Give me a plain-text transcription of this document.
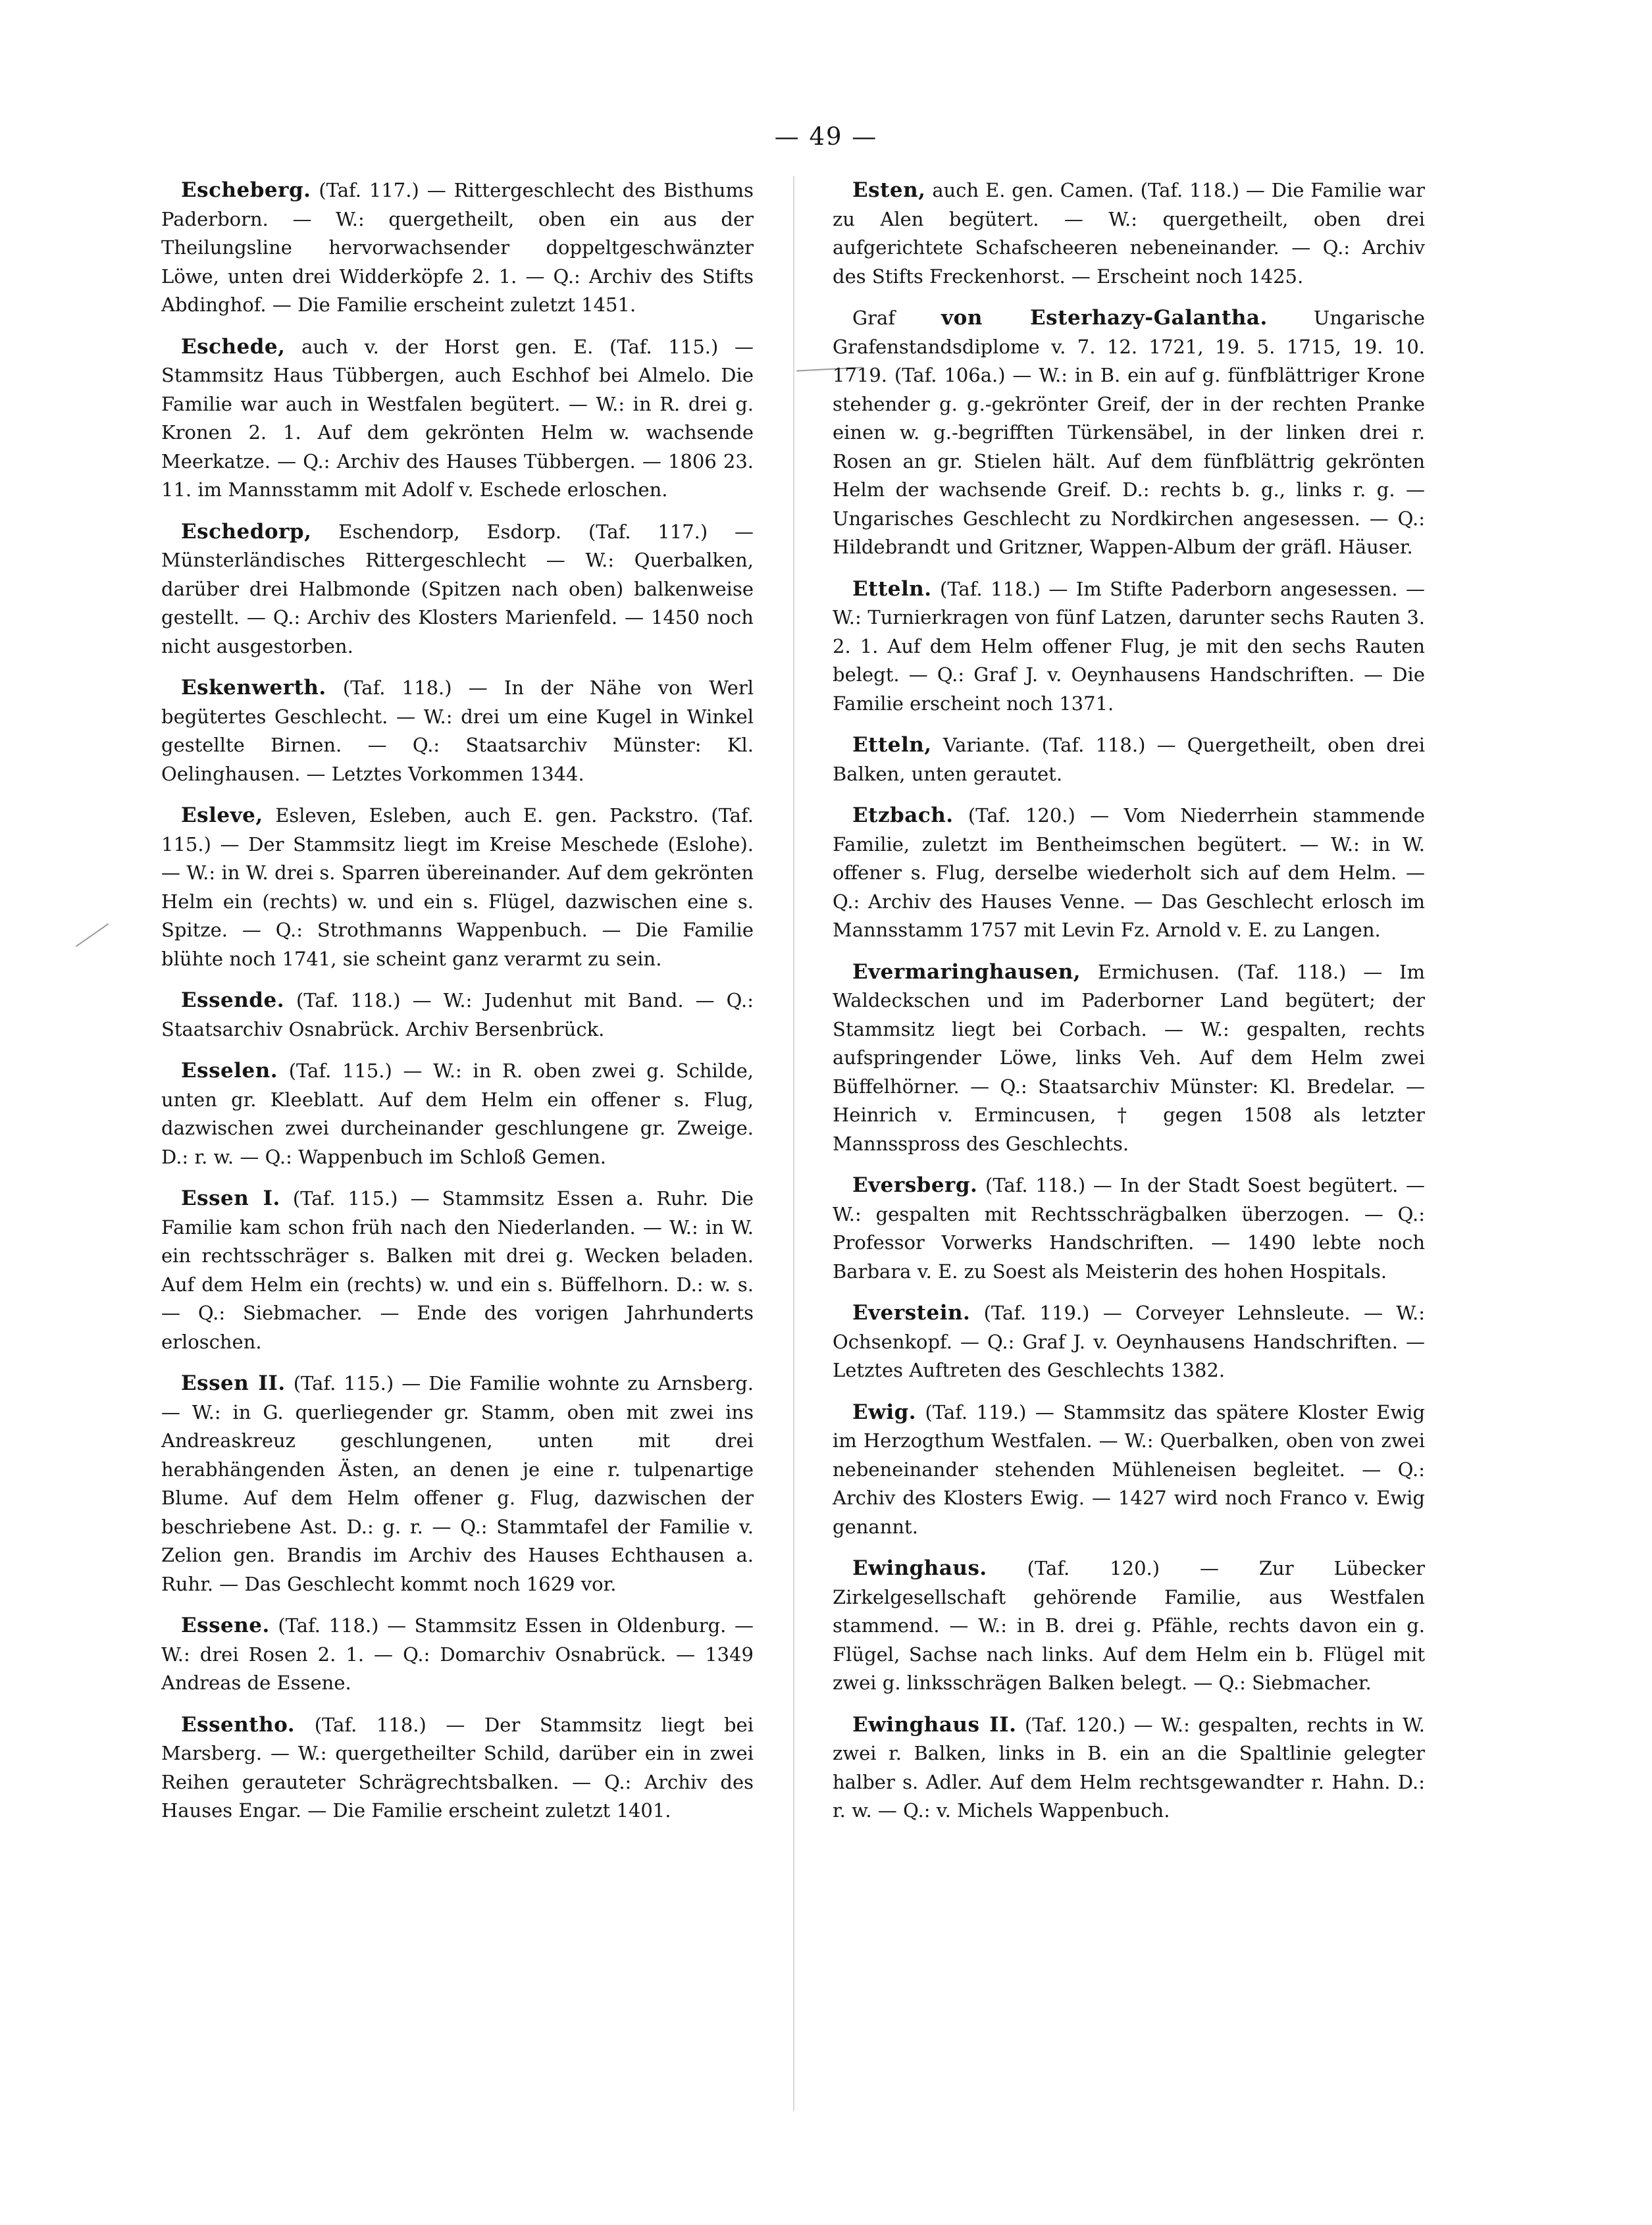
— 49 —

Escheberg. (Taf. 117.) — Rittergeschlecht des Bisthums Paderborn. — W.: quergetheilt, oben ein aus der Theilungsline hervorwachsender doppeltgeschwänzter Löwe, unten drei Widderköpfe 2. 1. — Q.: Archiv des Stifts Abdinghof. — Die Familie erscheint zuletzt 1451.

Eschede, auch v. der Horst gen. E. (Taf. 115.) — Stammsitz Haus Tübbergen, auch Eschhof bei Almelo. Die Familie war auch in Westfalen begütert. — W.: in R. drei g. Kronen 2. 1. Auf dem gekrönten Helm w. wachsende Meerkatze. — Q.: Archiv des Hauses Tübbergen. — 1806 23. 11. im Mannsstamm mit Adolf v. Eschede erloschen.

Eschedorp, Eschendorp, Esdorp. (Taf. 117.) — Münsterländisches Rittergeschlecht — W.: Querbalken, darüber drei Halbmonde (Spitzen nach oben) balkenweise gestellt. — Q.: Archiv des Klosters Marienfeld. — 1450 noch nicht ausgestorben.

Eskenwerth. (Taf. 118.) — In der Nähe von Werl begütertes Geschlecht. — W.: drei um eine Kugel in Winkel gestellte Birnen. — Q.: Staatsarchiv Münster: Kl. Oelinghausen. — Letztes Vorkommen 1344.

Esleve, Esleven, Esleben, auch E. gen. Packstro. (Taf. 115.) — Der Stammsitz liegt im Kreise Meschede (Eslohe). — W.: in W. drei s. Sparren übereinander. Auf dem gekrönten Helm ein (rechts) w. und ein s. Flügel, dazwischen eine s. Spitze. — Q.: Strothmanns Wappenbuch. — Die Familie blühte noch 1741, sie scheint ganz verarmt zu sein.

Essende. (Taf. 118.) — W.: Judenhut mit Band. — Q.: Staatsarchiv Osnabrück. Archiv Bersenbrück.

Esselen. (Taf. 115.) — W.: in R. oben zwei g. Schilde, unten gr. Kleeblatt. Auf dem Helm ein offener s. Flug, dazwischen zwei durcheinander geschlungene gr. Zweige. D.: r. w. — Q.: Wappenbuch im Schloß Gemen.

Essen I. (Taf. 115.) — Stammsitz Essen a. Ruhr. Die Familie kam schon früh nach den Niederlanden. — W.: in W. ein rechtsschräger s. Balken mit drei g. Wecken beladen. Auf dem Helm ein (rechts) w. und ein s. Büffelhorn. D.: w. s. — Q.: Siebmacher. — Ende des vorigen Jahrhunderts erloschen.

Essen II. (Taf. 115.) — Die Familie wohnte zu Arnsberg. — W.: in G. querliegender gr. Stamm, oben mit zwei ins Andreaskreuz geschlungenen, unten mit drei herabhängenden Ästen, an denen je eine r. tulpenartige Blume. Auf dem Helm offener g. Flug, dazwischen der beschriebene Ast. D.: g. r. — Q.: Stammtafel der Familie v. Zelion gen. Brandis im Archiv des Hauses Echthausen a. Ruhr. — Das Geschlecht kommt noch 1629 vor.

Essene. (Taf. 118.) — Stammsitz Essen in Oldenburg. — W.: drei Rosen 2. 1. — Q.: Domarchiv Osnabrück. — 1349 Andreas de Essene.

Essentho. (Taf. 118.) — Der Stammsitz liegt bei Marsberg. — W.: quergetheilter Schild, darüber ein in zwei Reihen gerauteter Schrägrechtsbalken. — Q.: Archiv des Hauses Engar. — Die Familie erscheint zuletzt 1401.

Esten, auch E. gen. Camen. (Taf. 118.) — Die Familie war zu Alen begütert. — W.: quergetheilt, oben drei aufgerichtete Schafscheeren nebeneinander. — Q.: Archiv des Stifts Freckenhorst. — Erscheint noch 1425.

Graf von Esterhazy-Galantha. Ungarische Grafenstandsdiplome v. 7. 12. 1721, 19. 5. 1715, 19. 10. 1719. (Taf. 106a.) — W.: in B. ein auf g. fünfblättriger Krone stehender g. g.-gekrönter Greif, der in der rechten Pranke einen w. g.-begrifften Türkensäbel, in der linken drei r. Rosen an gr. Stielen hält. Auf dem fünfblättrig gekrönten Helm der wachsende Greif. D.: rechts b. g., links r. g. — Ungarisches Geschlecht zu Nordkirchen angesessen. — Q.: Hildebrandt und Gritzner, Wappen-Album der gräfl. Häuser.

Etteln. (Taf. 118.) — Im Stifte Paderborn angesessen. — W.: Turnierkragen von fünf Latzen, darunter sechs Rauten 3. 2. 1. Auf dem Helm offener Flug, je mit den sechs Rauten belegt. — Q.: Graf J. v. Oeynhausens Handschriften. — Die Familie erscheint noch 1371.

Etteln, Variante. (Taf. 118.) — Quergetheilt, oben drei Balken, unten gerautet.

Etzbach. (Taf. 120.) — Vom Niederrhein stammende Familie, zuletzt im Bentheimschen begütert. — W.: in W. offener s. Flug, derselbe wiederholt sich auf dem Helm. — Q.: Archiv des Hauses Venne. — Das Geschlecht erlosch im Mannsstamm 1757 mit Levin Fz. Arnold v. E. zu Langen.

Evermaringhausen, Ermichusen. (Taf. 118.) — Im Waldeckschen und im Paderborner Land begütert; der Stammsitz liegt bei Corbach. — W.: gespalten, rechts aufspringender Löwe, links Veh. Auf dem Helm zwei Büffelhörner. — Q.: Staatsarchiv Münster: Kl. Bredelar. — Heinrich v. Ermincusen, † gegen 1508 als letzter Mannsspross des Geschlechts.

Eversberg. (Taf. 118.) — In der Stadt Soest begütert. — W.: gespalten mit Rechtsschrägbalken überzogen. — Q.: Professor Vorwerks Handschriften. — 1490 lebte noch Barbara v. E. zu Soest als Meisterin des hohen Hospitals.

Everstein. (Taf. 119.) — Corveyer Lehnsleute. — W.: Ochsenkopf. — Q.: Graf J. v. Oeynhausens Handschriften. — Letztes Auftreten des Geschlechts 1382.

Ewig. (Taf. 119.) — Stammsitz das spätere Kloster Ewig im Herzogthum Westfalen. — W.: Querbalken, oben von zwei nebeneinander stehenden Mühleneisen begleitet. — Q.: Archiv des Klosters Ewig. — 1427 wird noch Franco v. Ewig genannt.

Ewinghaus. (Taf. 120.) — Zur Lübecker Zirkelgesellschaft gehörende Familie, aus Westfalen stammend. — W.: in B. drei g. Pfähle, rechts davon ein g. Flügel, Sachse nach links. Auf dem Helm ein b. Flügel mit zwei g. linksschrägen Balken belegt. — Q.: Siebmacher.

Ewinghaus II. (Taf. 120.) — W.: gespalten, rechts in W. zwei r. Balken, links in B. ein an die Spaltlinie gelegter halber s. Adler. Auf dem Helm rechtsgewandter r. Hahn. D.: r. w. — Q.: v. Michels Wappenbuch.
